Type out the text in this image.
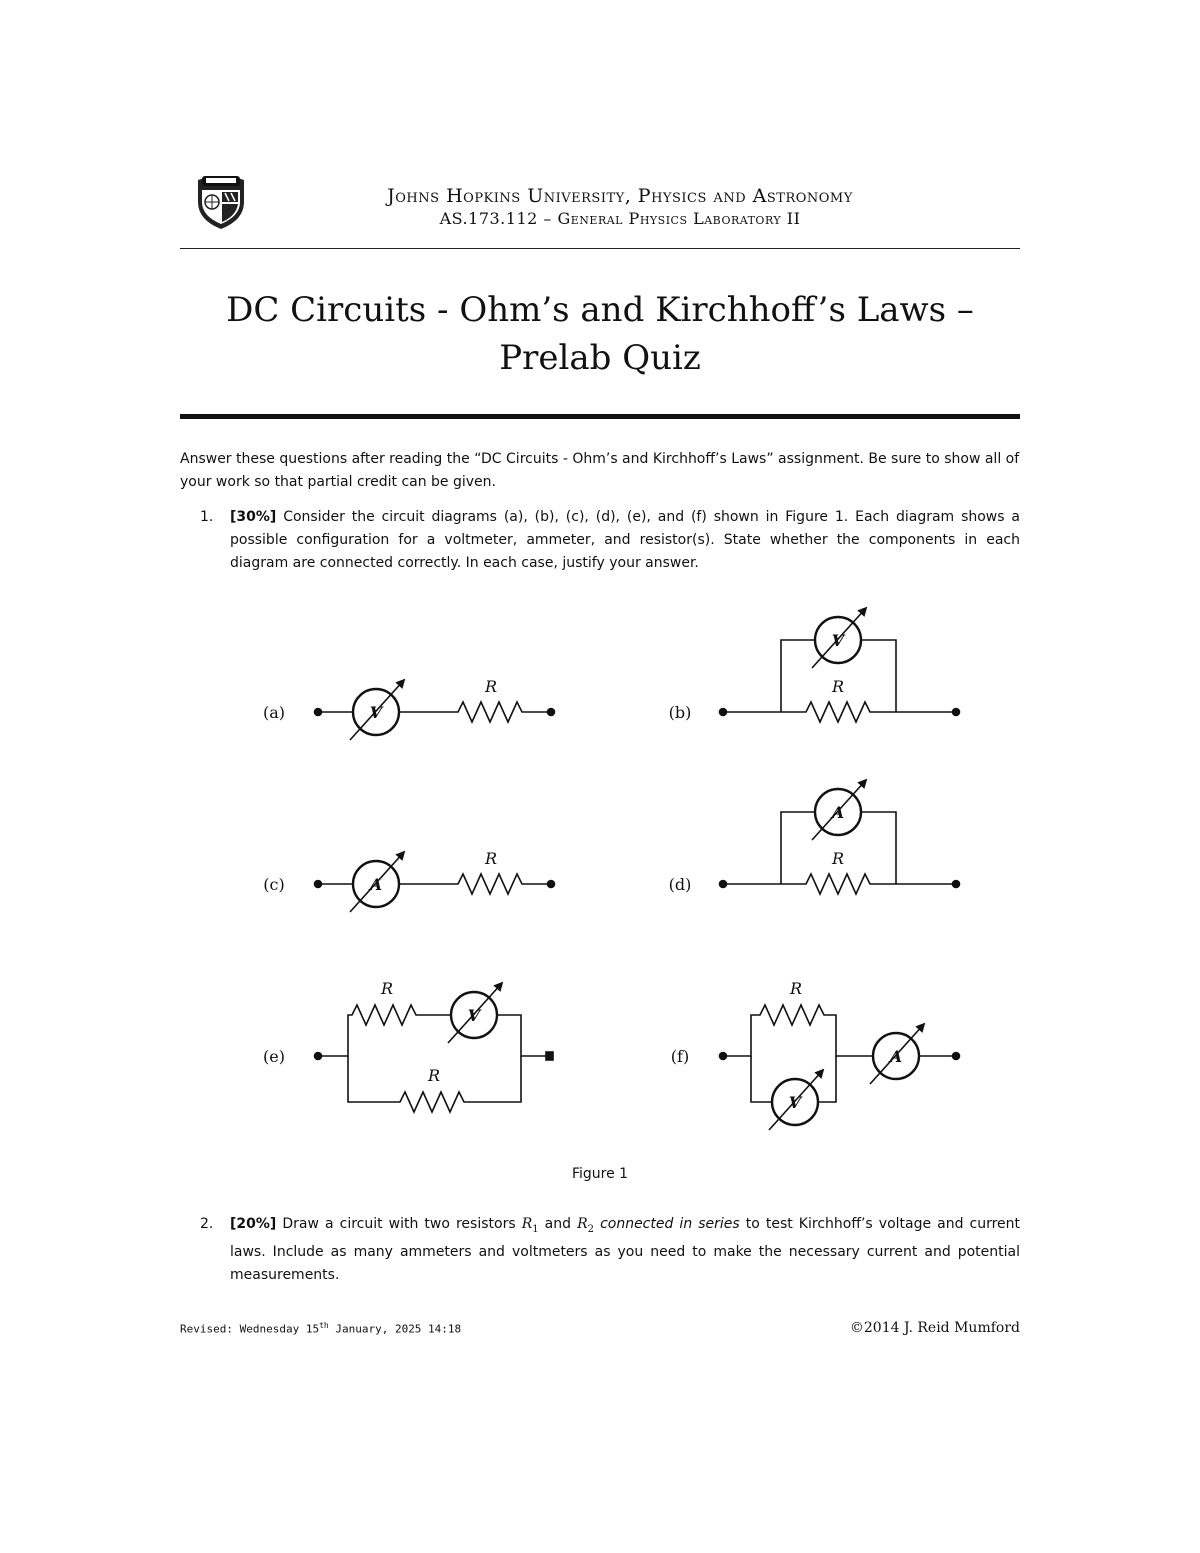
Johns Hopkins University, Physics and Astronomy
AS.173.112 – General Physics Laboratory II
DC Circuits - Ohm’s and Kirchhoff’s Laws – Prelab Quiz
Answer these questions after reading the “DC Circuits - Ohm’s and Kirchhoff’s Laws” assignment. Be sure to show all of your work so that partial credit can be given.
1.	[30%] Consider the circuit diagrams (a), (b), (c), (d), (e), and (f) shown in Figure 1. Each diagram shows a possible configuration for a voltmeter, ammeter, and resistor(s). State whether the components in each diagram are connected correctly. In each case, justify your answer.
(a)	V
R
(b)
V
R
(c)	A
R
(d)
A
R
(e)
V
R
R
(f)
V
A
R
Figure 1
2.	[20%] Draw a circuit with two resistors $R_1$ and $R_2$ connected in series to test Kirchhoff’s voltage and current laws. Include as many ammeters and voltmeters as you need to make the necessary current and potential measurements.
Revised: Wednesday 15th January, 2025 14:18	©2014 J. Reid Mumford
